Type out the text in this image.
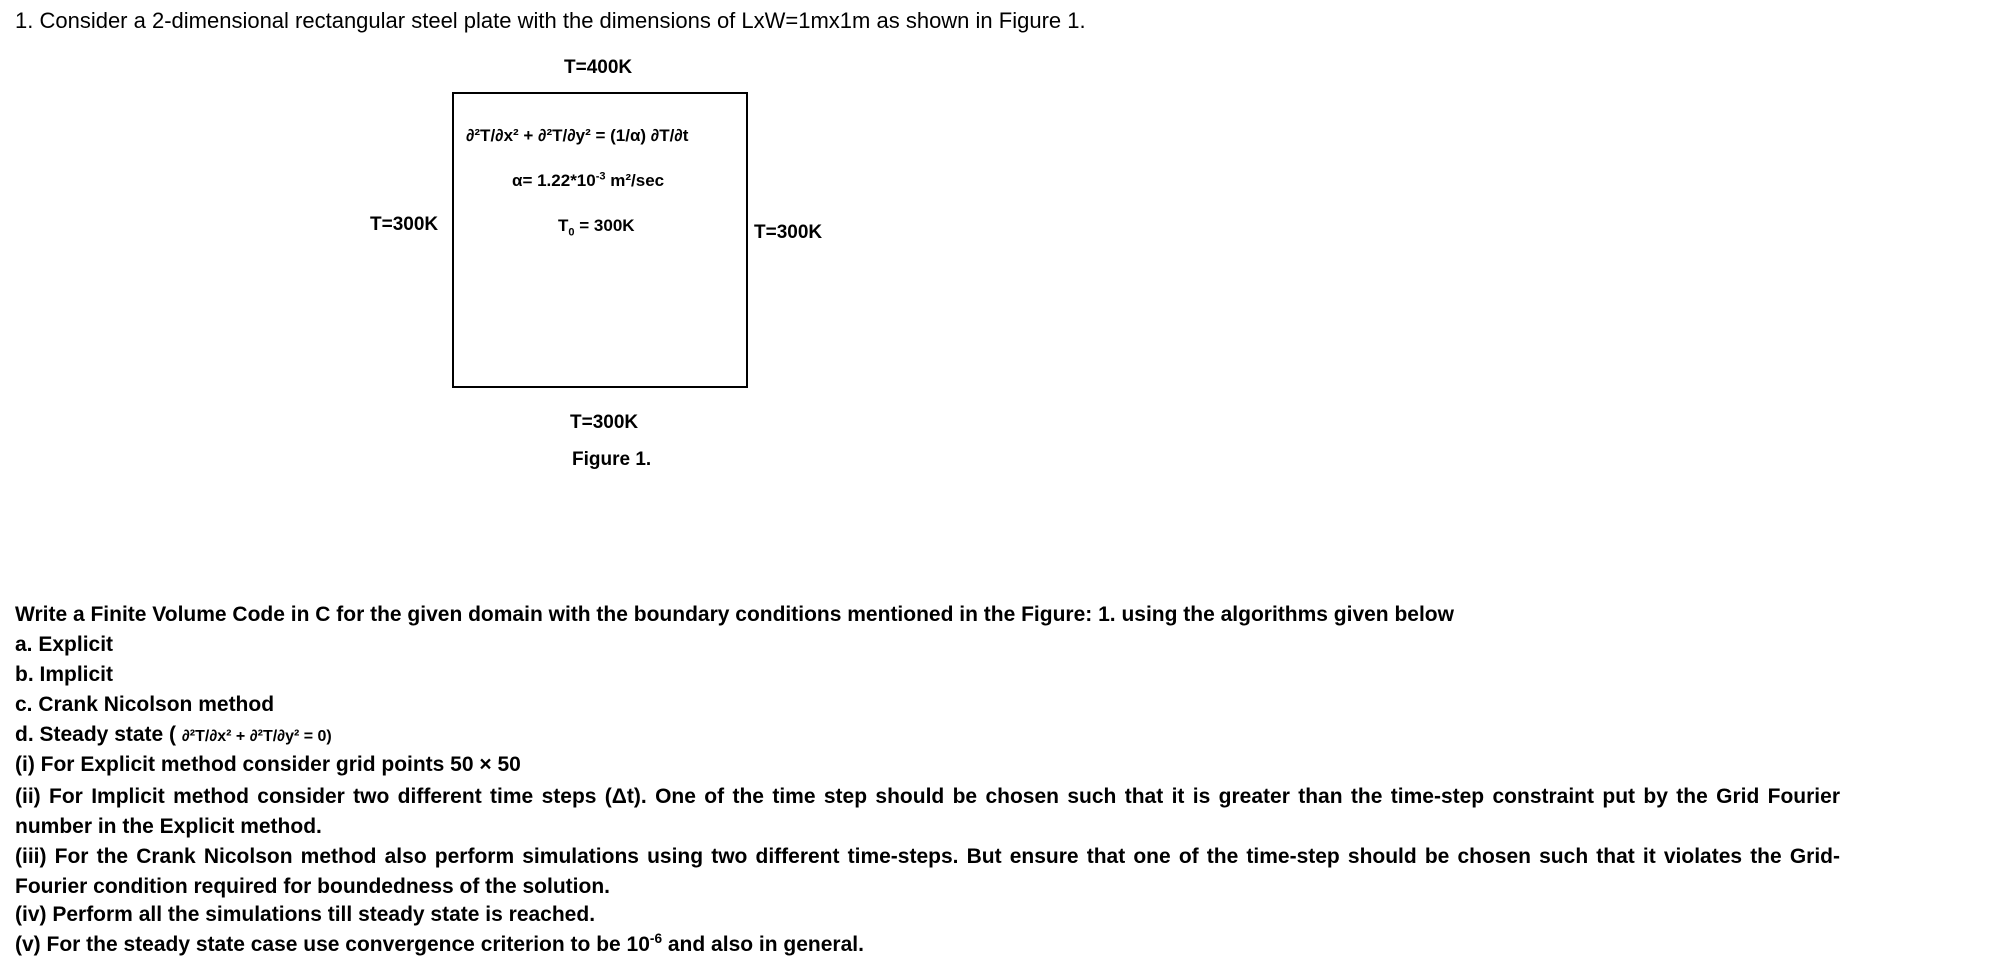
1. Consider a 2-dimensional rectangular steel plate with the dimensions of LxW=1mx1m as shown in Figure 1.
T=400K
∂²T/∂x² + ∂²T/∂y² = (1/α) ∂T/∂t
$\alpha= 1.22*10^{-3}$ m²/sec
$T_0 = 300K$
T=300K	T=300K
T=300K
Figure 1.
Write a Finite Volume Code in C for the given domain with the boundary conditions mentioned in the Figure: 1. using the algorithms given below
a. Explicit
b. Implicit
c. Crank Nicolson method
d. Steady state ( ∂²T/∂x² + ∂²T/∂y² = 0)
(i) For Explicit method consider grid points 50 × 50
(ii) For Implicit method consider two different time steps (Δt). One of the time step should be chosen such that it is greater than the time-step constraint put by the Grid Fourier number in the Explicit method.
(iii) For the Crank Nicolson method also perform simulations using two different time-steps. But ensure that one of the time-step should be chosen such that it violates the Grid-Fourier condition required for boundedness of the solution.
(iv) Perform all the simulations till steady state is reached.
(v) For the steady state case use convergence criterion to be $10^{-6}$ and also in general.
